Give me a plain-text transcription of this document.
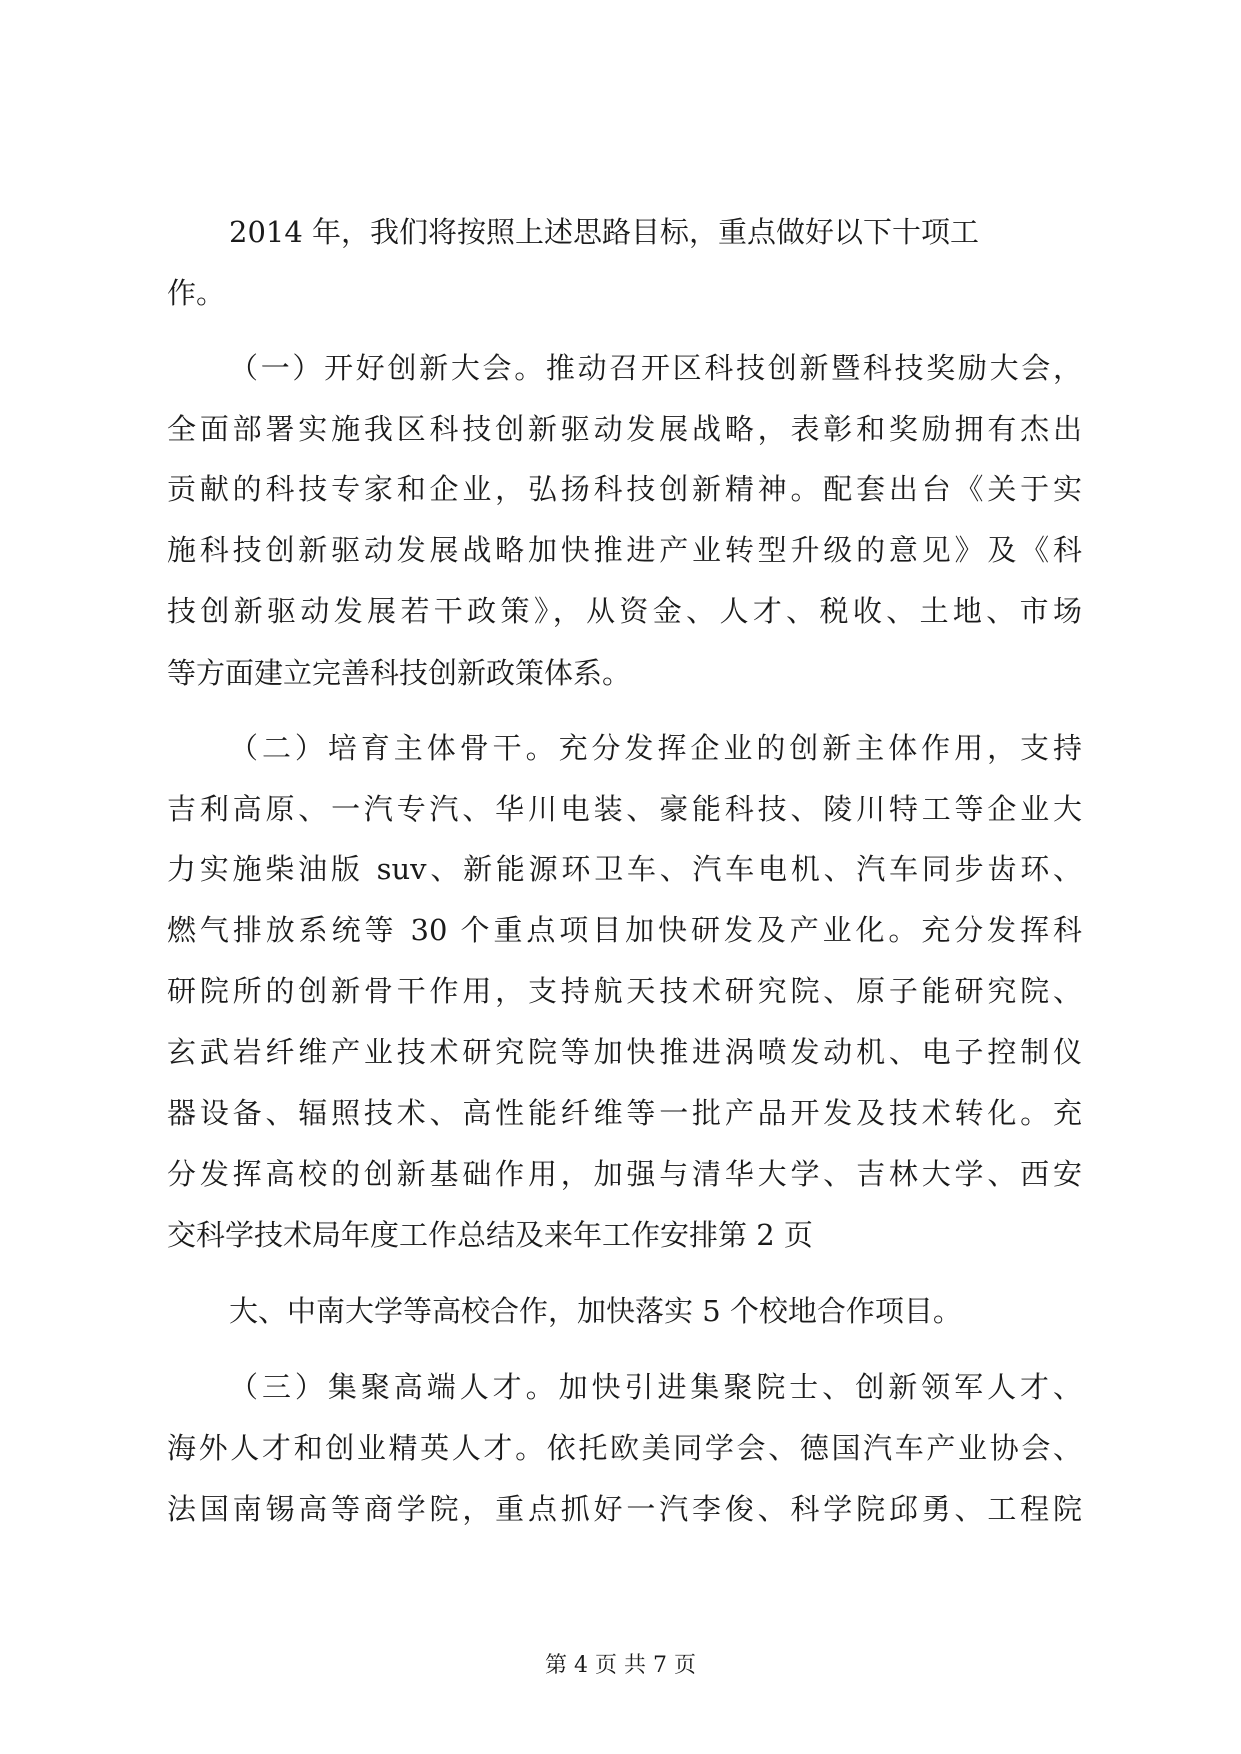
2014 年，我们将按照上述思路目标，重点做好以下十项工
作。
（一）开好创新大会。推动召开区科技创新暨科技奖励大会，
全面部署实施我区科技创新驱动发展战略，表彰和奖励拥有杰出
贡献的科技专家和企业，弘扬科技创新精神。配套出台《关于实
施科技创新驱动发展战略加快推进产业转型升级的意见》及《科
技创新驱动发展若干政策》，从资金、人才、税收、土地、市场
等方面建立完善科技创新政策体系。
（二）培育主体骨干。充分发挥企业的创新主体作用，支持
吉利高原、一汽专汽、华川电装、豪能科技、陵川特工等企业大
力实施柴油版 suv、新能源环卫车、汽车电机、汽车同步齿环、
燃气排放系统等 30 个重点项目加快研发及产业化。充分发挥科
研院所的创新骨干作用，支持航天技术研究院、原子能研究院、
玄武岩纤维产业技术研究院等加快推进涡喷发动机、电子控制仪
器设备、辐照技术、高性能纤维等一批产品开发及技术转化。充
分发挥高校的创新基础作用，加强与清华大学、吉林大学、西安
交科学技术局年度工作总结及来年工作安排第 2 页
大、中南大学等高校合作，加快落实 5 个校地合作项目。
（三）集聚高端人才。加快引进集聚院士、创新领军人才、
海外人才和创业精英人才。依托欧美同学会、德国汽车产业协会、
法国南锡高等商学院，重点抓好一汽李俊、科学院邱勇、工程院
第 4 页 共 7 页
